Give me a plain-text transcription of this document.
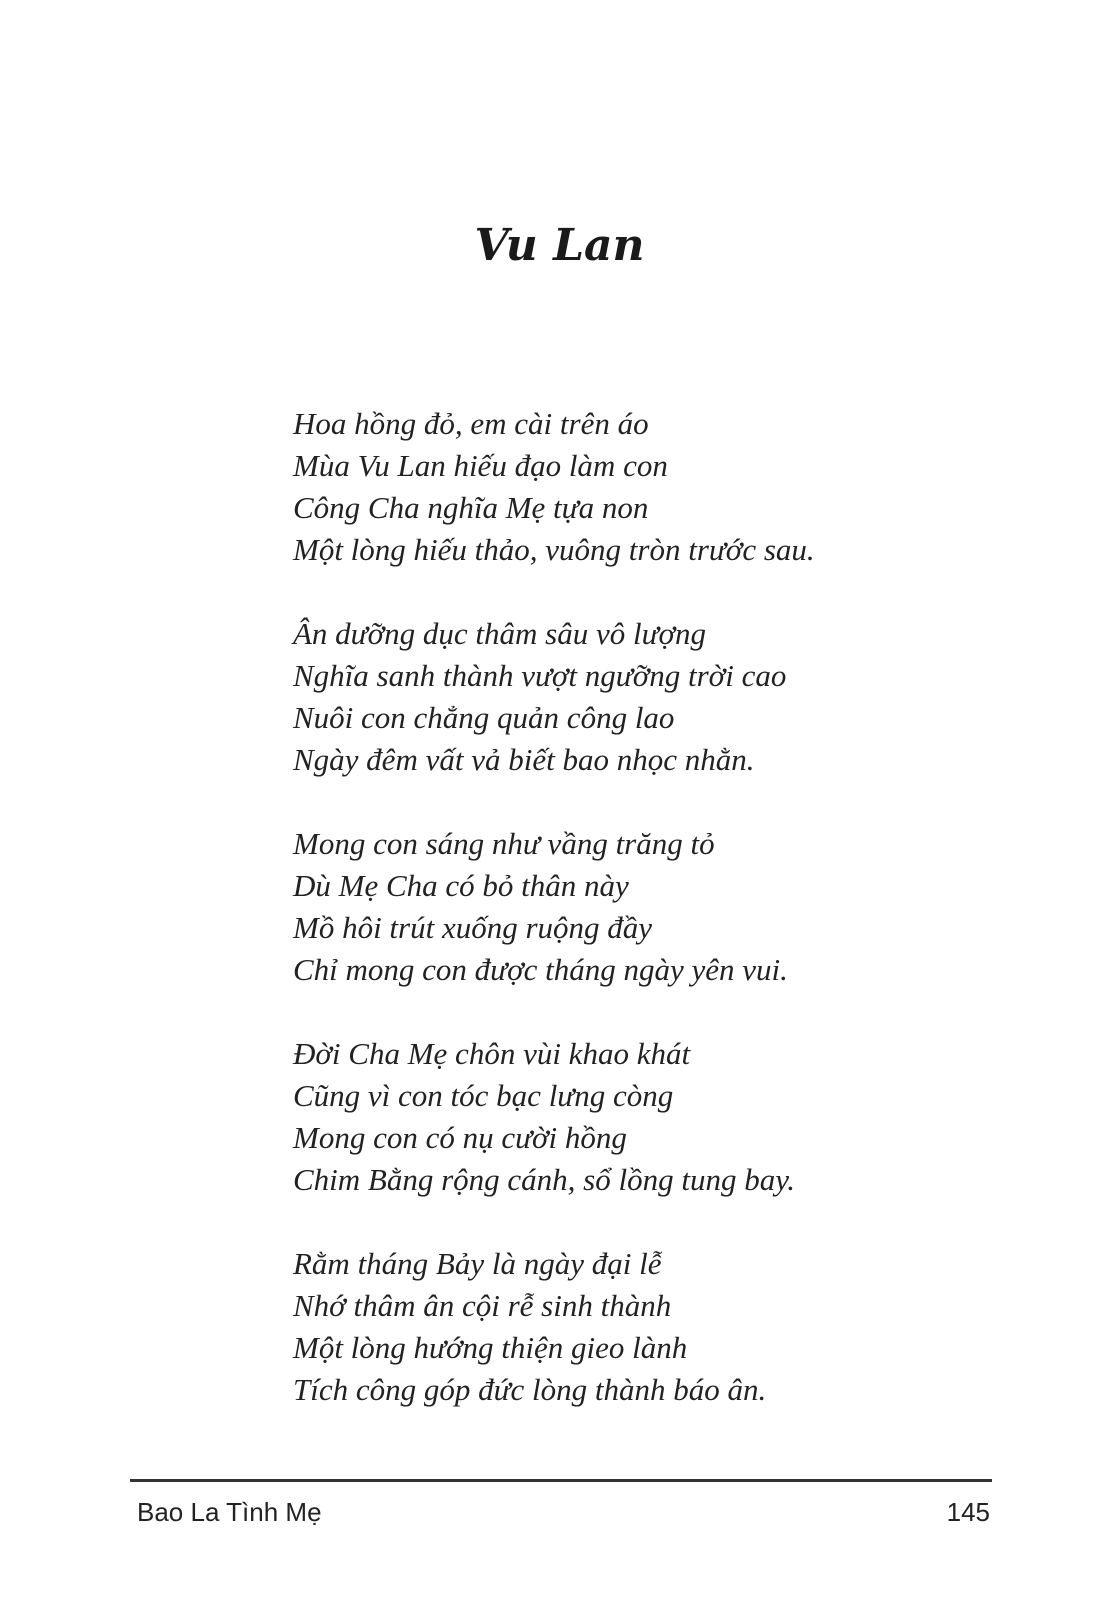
Vu Lan
Hoa hồng đỏ, em cài trên áo
Mùa Vu Lan hiếu đạo làm con
Công Cha nghĩa Mẹ tựa non
Một lòng hiếu thảo, vuông tròn trước sau.
Ân dưỡng dục thâm sâu vô lượng
Nghĩa sanh thành vượt ngưỡng trời cao
Nuôi con chẳng quản công lao
Ngày đêm vất vả biết bao nhọc nhằn.
Mong con sáng như vầng trăng tỏ
Dù Mẹ Cha có bỏ thân này
Mồ hôi trút xuống ruộng đầy
Chỉ mong con được tháng ngày yên vui.
Đời Cha Mẹ chôn vùi khao khát
Cũng vì con tóc bạc lưng còng
Mong con có nụ cười hồng
Chim Bằng rộng cánh, sổ lồng tung bay.
Rằm tháng Bảy là ngày đại lễ
Nhớ thâm ân cội rễ sinh thành
Một lòng hướng thiện gieo lành
Tích công góp đức lòng thành báo ân.
Bao La Tình Mẹ	145
